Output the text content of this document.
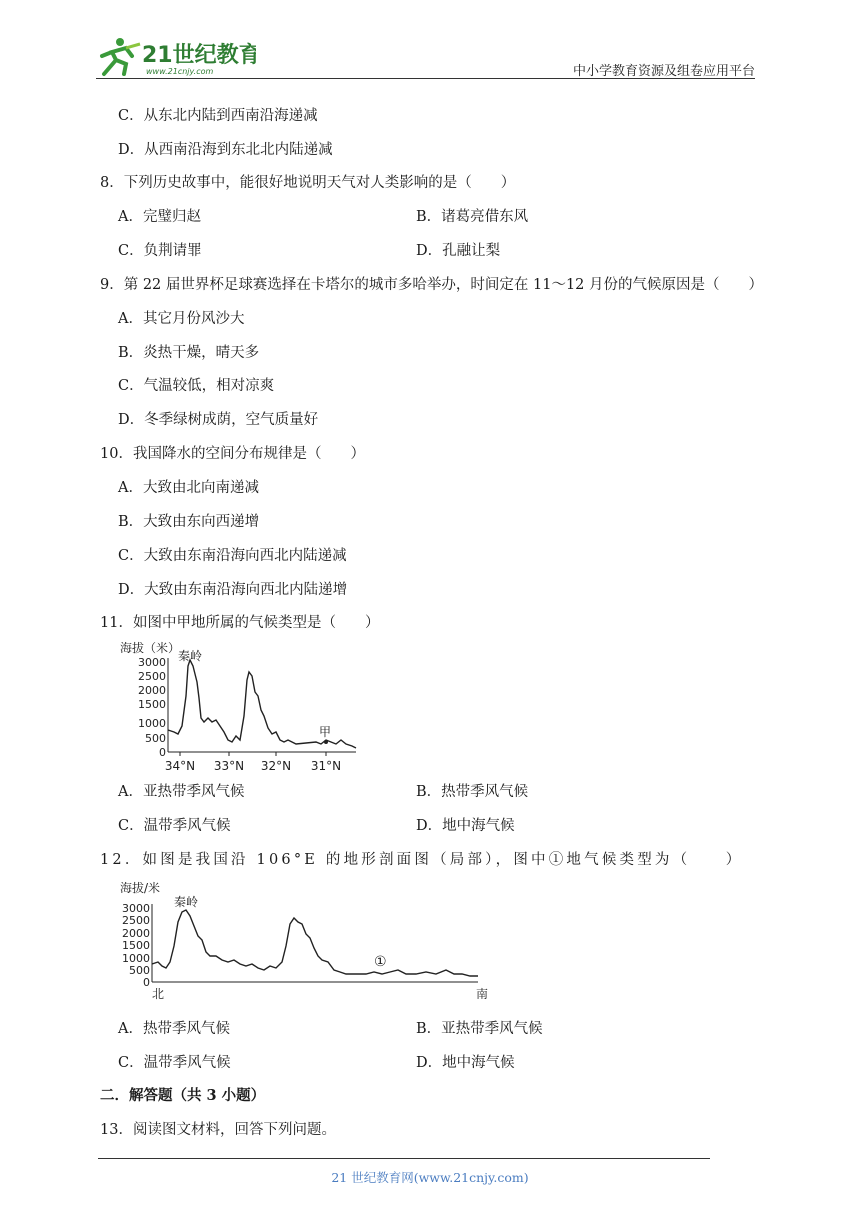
21世纪教育
www.21cnjy.com	中小学教育资源及组卷应用平台
C．从东北内陆到西南沿海递减
D．从西南沿海到东北北内陆递减
8．下列历史故事中，能很好地说明天气对人类影响的是（　　）
A．完璧归赵	B．诸葛亮借东风
C．负荆请罪	D．孔融让梨
9．第 22 届世界杯足球赛选择在卡塔尔的城市多哈举办，时间定在 11～12 月份的气候原因是（　　）
A．其它月份风沙大
B．炎热干燥，晴天多
C．气温较低，相对凉爽
D．冬季绿树成荫，空气质量好
10．我国降水的空间分布规律是（　　）
A．大致由北向南递减
B．大致由东向西递增
C．大致由东南沿海向西北内陆递减
D．大致由东南沿海向西北内陆递增
11．如图中甲地所属的气候类型是（　　）
海拔（米）
3000
2500
2000
1500
1000
500
0
秦岭
甲
34°N 33°N 32°N 31°N
A．亚热带季风气候	B．热带季风气候
C．温带季风气候	D．地中海气候
12．如图是我国沿 106°E 的地形剖面图（局部），图中①地气候类型为（　　）
海拔/米
3000
2500
2000
1500
1000
500
0
秦岭
①
北	南
A．热带季风气候	B．亚热带季风气候
C．温带季风气候	D．地中海气候
二．解答题（共 3 小题）
13．阅读图文材料，回答下列问题。
21 世纪教育网(www.21cnjy.com)
